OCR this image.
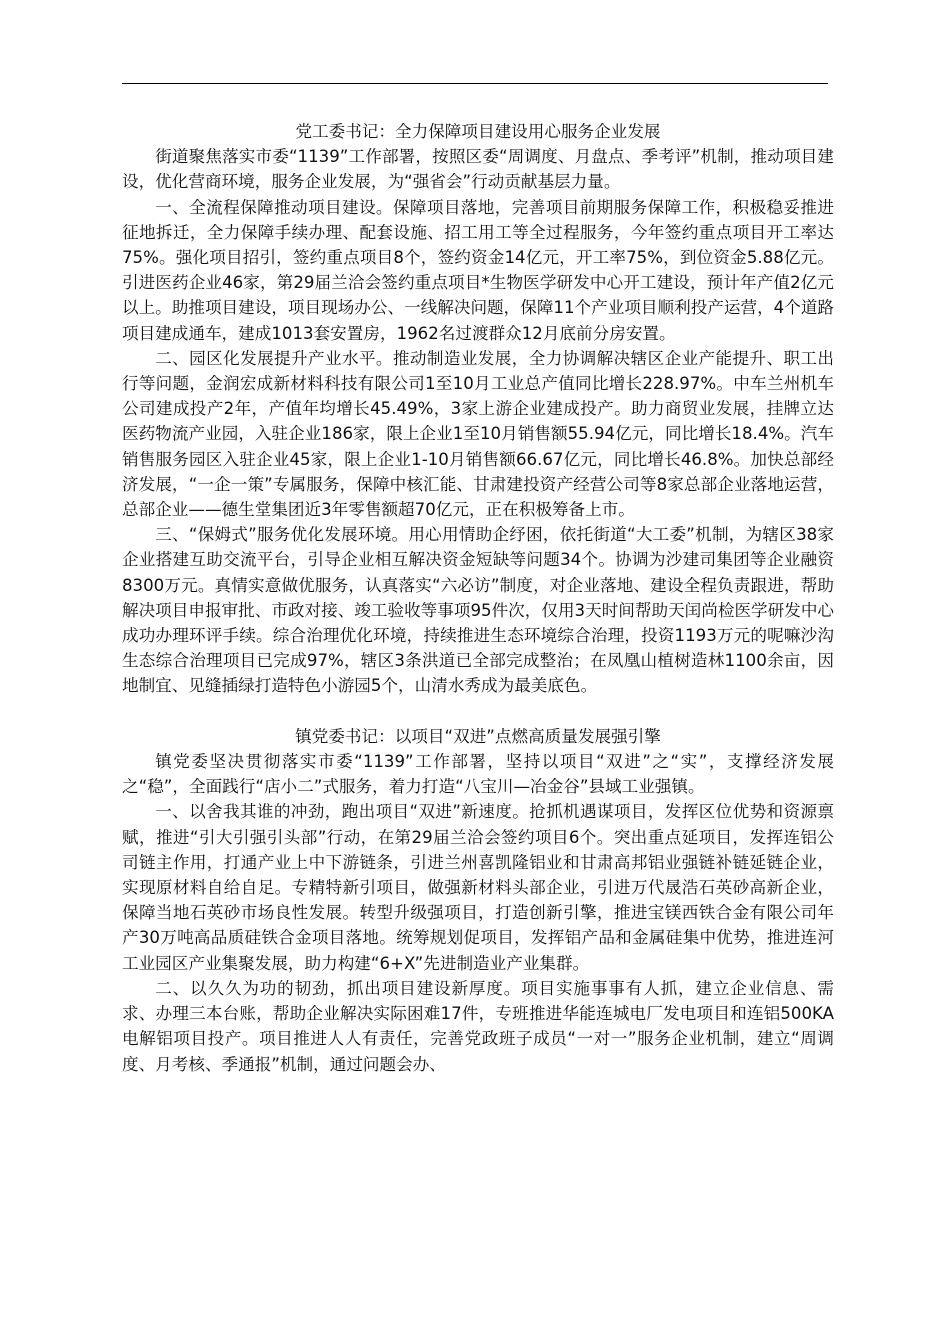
党工委书记：全力保障项目建设用心服务企业发展

街道聚焦落实市委“1139”工作部署，按照区委“周调度、月盘点、季考评”机制，推动项目建设，优化营商环境，服务企业发展，为“强省会”行动贡献基层力量。

一、全流程保障推动项目建设。保障项目落地，完善项目前期服务保障工作，积极稳妥推进征地拆迁，全力保障手续办理、配套设施、招工用工等全过程服务，今年签约重点项目开工率达75%。强化项目招引，签约重点项目8个，签约资金14亿元，开工率75%，到位资金5.88亿元。引进医药企业46家，第29届兰洽会签约重点项目*生物医学研发中心开工建设，预计年产值2亿元以上。助推项目建设，项目现场办公、一线解决问题，保障11个产业项目顺利投产运营，4个道路项目建成通车，建成1013套安置房，1962名过渡群众12月底前分房安置。

二、园区化发展提升产业水平。推动制造业发展，全力协调解决辖区企业产能提升、职工出行等问题，金润宏成新材料科技有限公司1至10月工业总产值同比增长228.97%。中车兰州机车公司建成投产2年，产值年均增长45.49%，3家上游企业建成投产。助力商贸业发展，挂牌立达医药物流产业园，入驻企业186家，限上企业1至10月销售额55.94亿元，同比增长18.4%。汽车销售服务园区入驻企业45家，限上企业1-10月销售额66.67亿元，同比增长46.8%。加快总部经济发展，“一企一策”专属服务，保障中核汇能、甘肃建投资产经营公司等8家总部企业落地运营，总部企业——德生堂集团近3年零售额超70亿元，正在积极筹备上市。

三、“保姆式”服务优化发展环境。用心用情助企纾困，依托街道“大工委”机制，为辖区38家企业搭建互助交流平台，引导企业相互解决资金短缺等问题34个。协调为沙建司集团等企业融资8300万元。真情实意做优服务，认真落实“六必访”制度，对企业落地、建设全程负责跟进，帮助解决项目申报审批、市政对接、竣工验收等事项95件次，仅用3天时间帮助天闰尚检医学研发中心成功办理环评手续。综合治理优化环境，持续推进生态环境综合治理，投资1193万元的呢嘛沙沟生态综合治理项目已完成97%，辖区3条洪道已全部完成整治；在凤凰山植树造林1100余亩，因地制宜、见缝插绿打造特色小游园5个，山清水秀成为最美底色。

镇党委书记：以项目“双进”点燃高质量发展强引擎

镇党委坚决贯彻落实市委“1139”工作部署，坚持以项目“双进”之“实”，支撑经济发展之“稳”，全面践行“店小二”式服务，着力打造“八宝川—冶金谷”县域工业强镇。

一、以舍我其谁的冲劲，跑出项目“双进”新速度。抢抓机遇谋项目，发挥区位优势和资源禀赋，推进“引大引强引头部”行动，在第29届兰洽会签约项目6个。突出重点延项目，发挥连铝公司链主作用，打通产业上中下游链条，引进兰州喜凯隆铝业和甘肃高邦铝业强链补链延链企业，实现原材料自给自足。专精特新引项目，做强新材料头部企业，引进万代晟浩石英砂高新企业，保障当地石英砂市场良性发展。转型升级强项目，打造创新引擎，推进宝镁西铁合金有限公司年产30万吨高品质硅铁合金项目落地。统筹规划促项目，发挥铝产品和金属硅集中优势，推进连河工业园区产业集聚发展，助力构建“6+X”先进制造业产业集群。

二、以久久为功的韧劲，抓出项目建设新厚度。项目实施事事有人抓，建立企业信息、需求、办理三本台账，帮助企业解决实际困难17件，专班推进华能连城电厂发电项目和连铝500KA电解铝项目投产。项目推进人人有责任，完善党政班子成员“一对一”服务企业机制，建立“周调度、月考核、季通报”机制，通过问题会办、
